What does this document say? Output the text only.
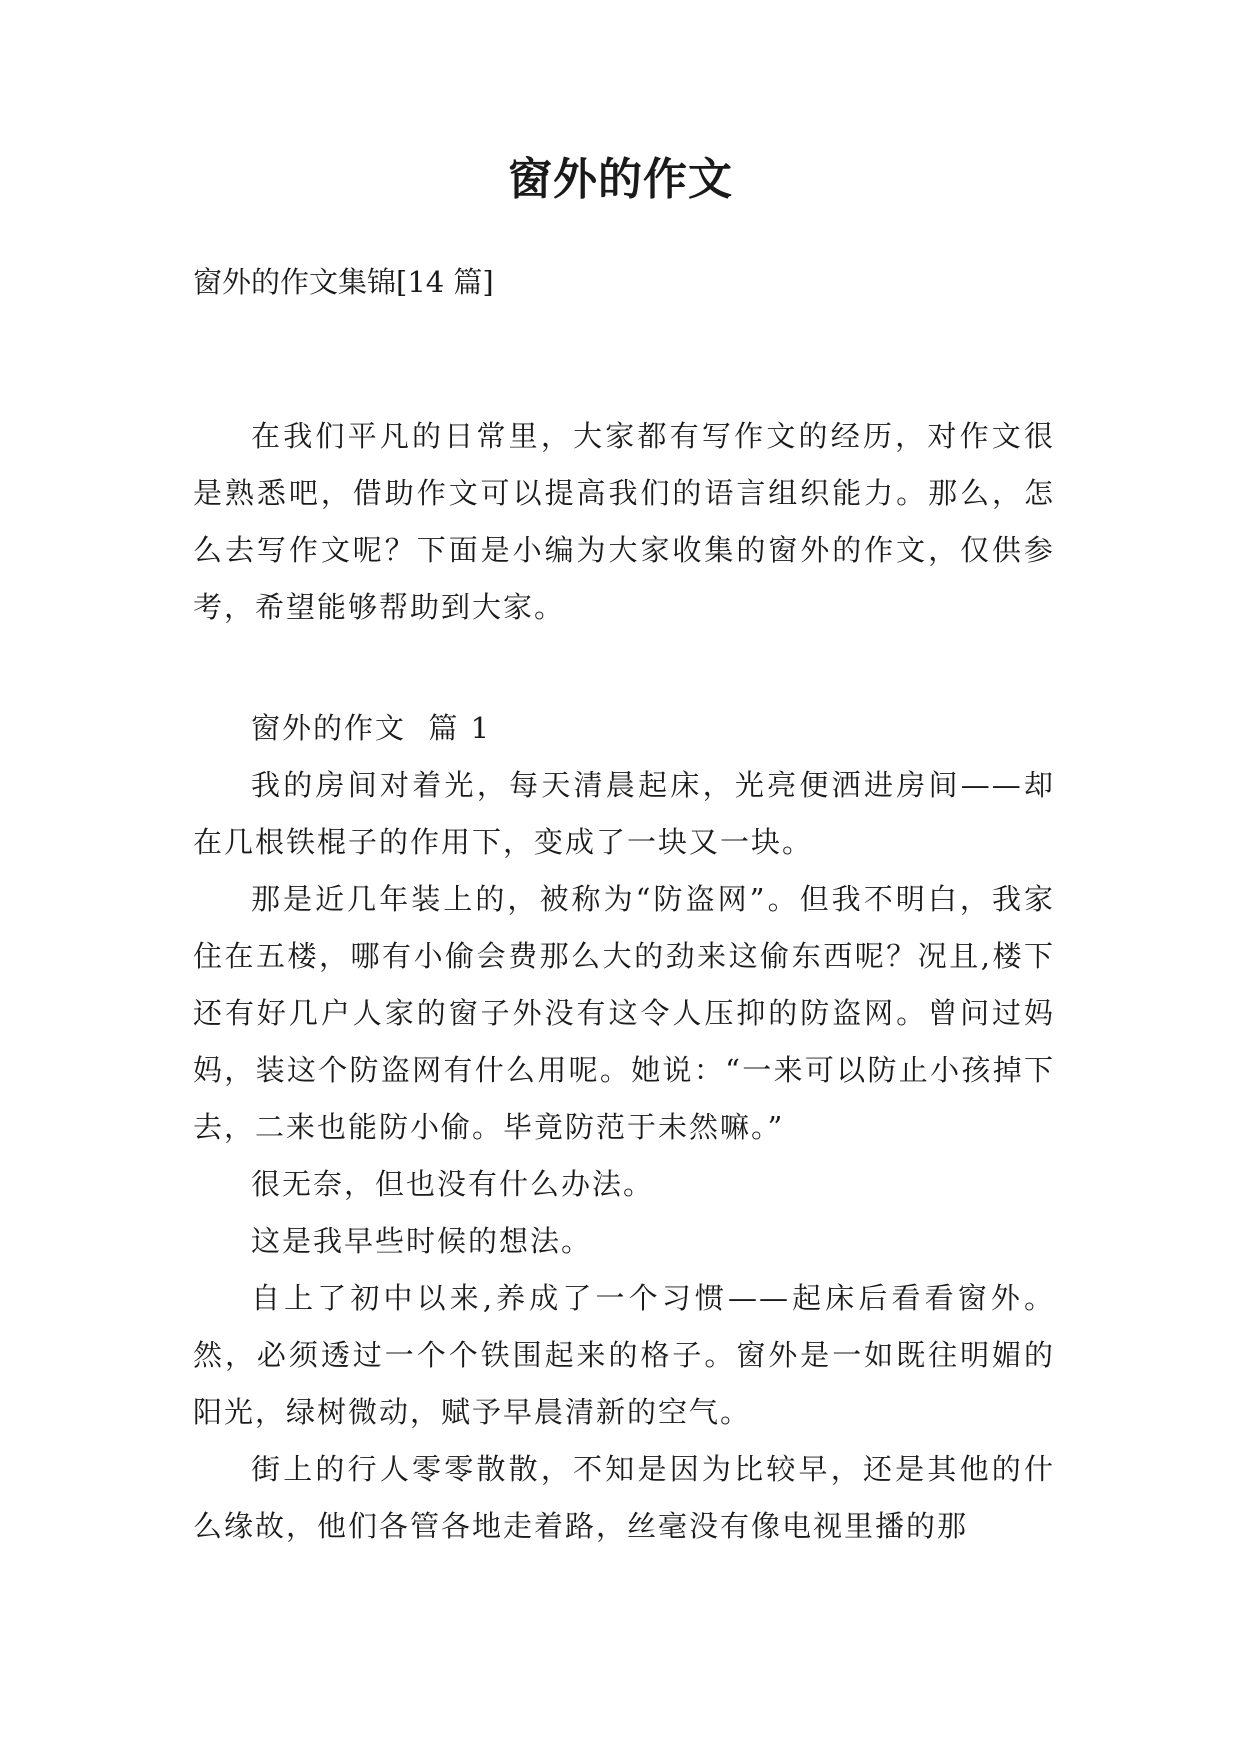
窗外的作文
窗外的作文集锦[14 篇]

在我们平凡的日常里，大家都有写作文的经历，对作文很是熟悉吧，借助作文可以提高我们的语言组织能力。那么，怎么去写作文呢？下面是小编为大家收集的窗外的作文，仅供参考，希望能够帮助到大家。

窗外的作文  篇 1

我的房间对着光，每天清晨起床，光亮便洒进房间——却在几根铁棍子的作用下，变成了一块又一块。

那是近几年装上的，被称为“防盗网”。但我不明白，我家住在五楼，哪有小偷会费那么大的劲来这偷东西呢？况且,楼下还有好几户人家的窗子外没有这令人压抑的防盗网。曾问过妈妈，装这个防盗网有什么用呢。她说：“一来可以防止小孩掉下去，二来也能防小偷。毕竟防范于未然嘛。”

很无奈，但也没有什么办法。

这是我早些时候的想法。

自上了初中以来,养成了一个习惯——起床后看看窗外。然，必须透过一个个铁围起来的格子。窗外是一如既往明媚的阳光，绿树微动，赋予早晨清新的空气。

街上的行人零零散散，不知是因为比较早，还是其他的什么缘故，他们各管各地走着路，丝毫没有像电视里播的那
